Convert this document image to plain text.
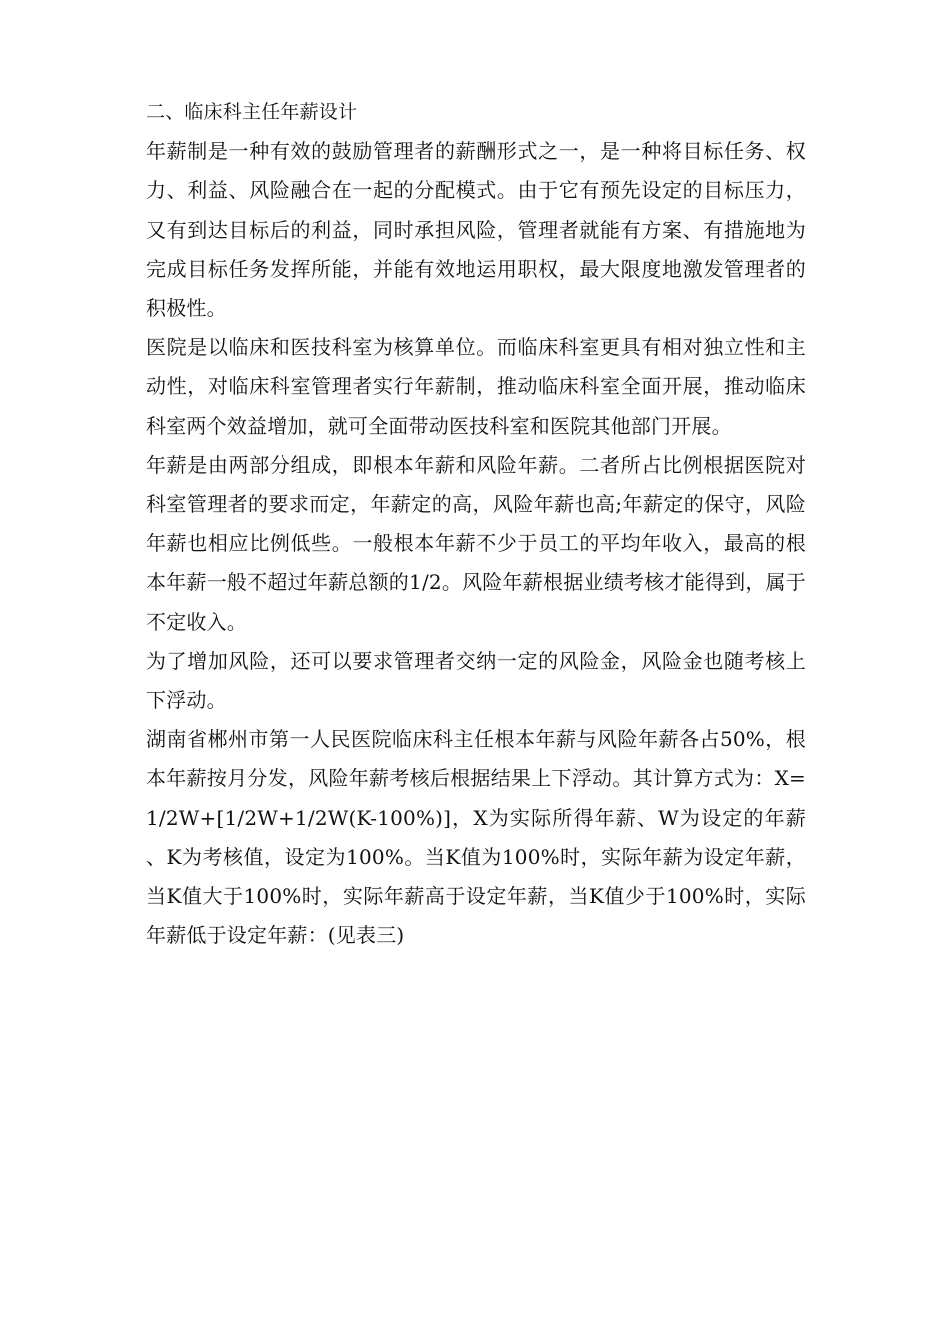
二、临床科主任年薪设计

年薪制是一种有效的鼓励管理者的薪酬形式之一，是一种将目标任务、权力、利益、风险融合在一起的分配模式。由于它有预先设定的目标压力，又有到达目标后的利益，同时承担风险，管理者就能有方案、有措施地为完成目标任务发挥所能，并能有效地运用职权，最大限度地激发管理者的积极性。

医院是以临床和医技科室为核算单位。而临床科室更具有相对独立性和主动性，对临床科室管理者实行年薪制，推动临床科室全面开展，推动临床科室两个效益增加，就可全面带动医技科室和医院其他部门开展。

年薪是由两部分组成，即根本年薪和风险年薪。二者所占比例根据医院对科室管理者的要求而定，年薪定的高，风险年薪也高;年薪定的保守，风险年薪也相应比例低些。一般根本年薪不少于员工的平均年收入，最高的根本年薪一般不超过年薪总额的1/2。风险年薪根据业绩考核才能得到，属于不定收入。

为了增加风险，还可以要求管理者交纳一定的风险金，风险金也随考核上下浮动。

湖南省郴州市第一人民医院临床科主任根本年薪与风险年薪各占50%，根本年薪按月分发，风险年薪考核后根据结果上下浮动。其计算方式为：X=1/2W+[1/2W+1/2W(K-100%)]，X为实际所得年薪、W为设定的年薪、K为考核值，设定为100%。当K值为100%时，实际年薪为设定年薪，当K值大于100%时，实际年薪高于设定年薪，当K值少于100%时，实际年薪低于设定年薪：(见表三)
